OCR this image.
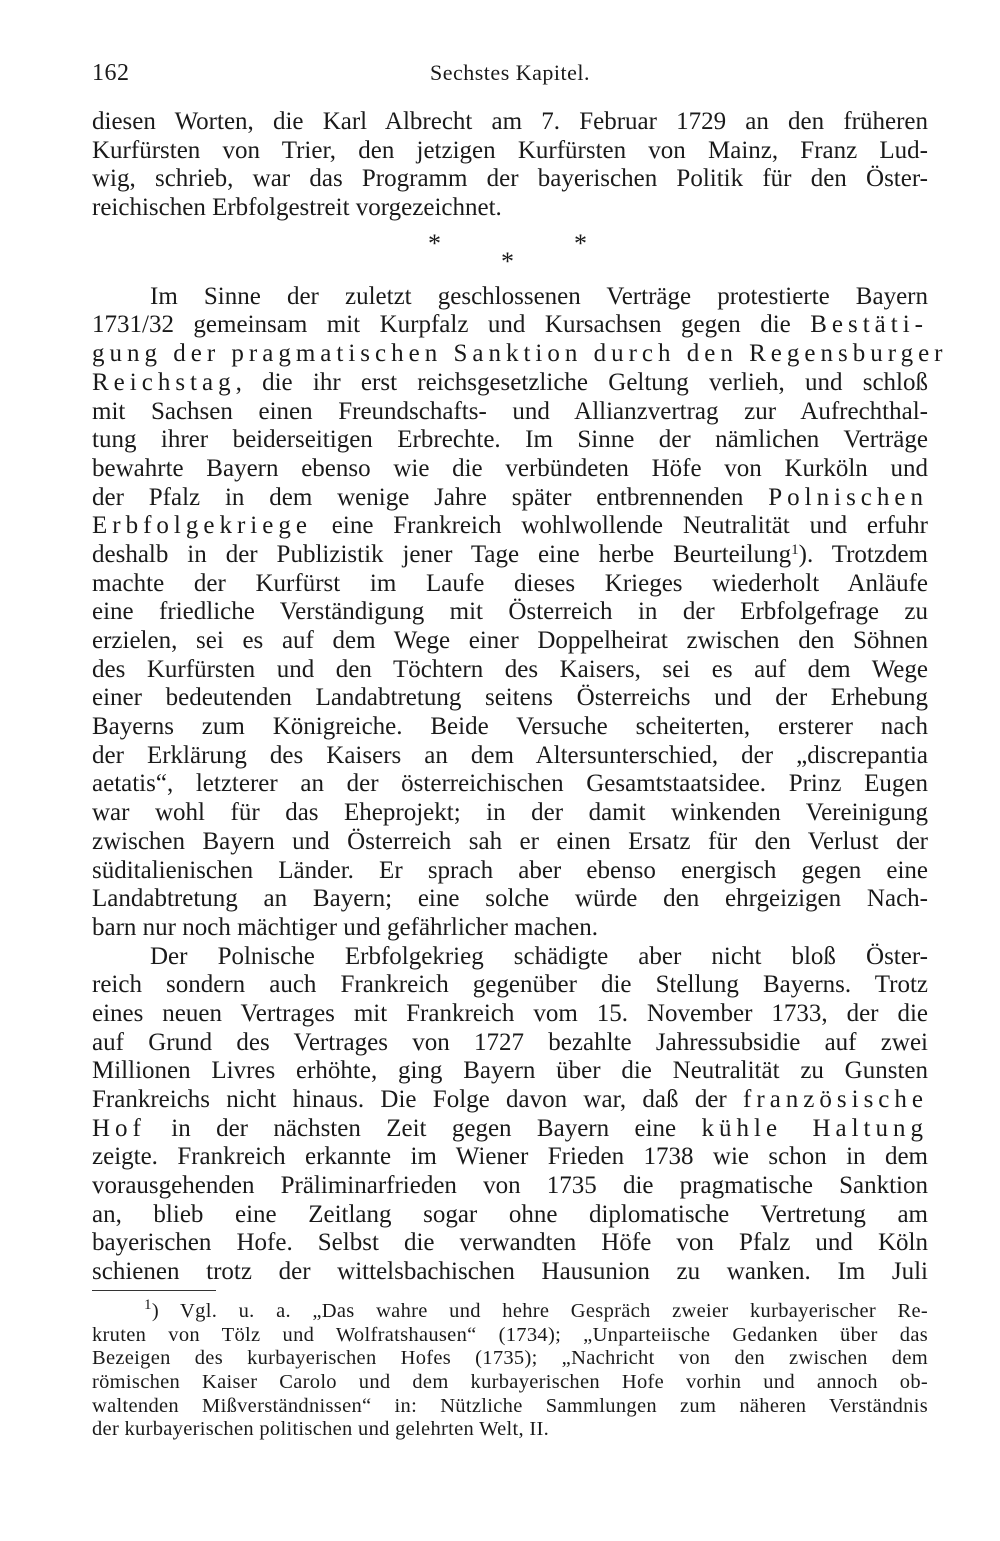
162	Sechstes Kapitel.
diesen Worten, die Karl Albrecht am 7. Februar 1729 an den früheren
Kurfürsten von Trier, den jetzigen Kurfürsten von Mainz, Franz Lud-
wig, schrieb, war das Programm der bayerischen Politik für den Öster-
reichischen Erbfolgestreit vorgezeichnet.
*	*
*
Im Sinne der zuletzt geschlossenen Verträge protestierte Bayern
1731/32 gemeinsam mit Kurpfalz und Kursachsen gegen die Bestäti-
gung der pragmatischen Sanktion durch den Regensburger
Reichstag, die ihr erst reichsgesetzliche Geltung verlieh, und schloß
mit Sachsen einen Freundschafts- und Allianzvertrag zur Aufrechthal-
tung ihrer beiderseitigen Erbrechte. Im Sinne der nämlichen Verträge
bewahrte Bayern ebenso wie die verbündeten Höfe von Kurköln und
der Pfalz in dem wenige Jahre später entbrennenden Polnischen
Erbfolgekriege eine Frankreich wohlwollende Neutralität und erfuhr
deshalb in der Publizistik jener Tage eine herbe Beurteilung$^1$). Trotzdem
machte der Kurfürst im Laufe dieses Krieges wiederholt Anläufe
eine friedliche Verständigung mit Österreich in der Erbfolgefrage zu
erzielen, sei es auf dem Wege einer Doppelheirat zwischen den Söhnen
des Kurfürsten und den Töchtern des Kaisers, sei es auf dem Wege
einer bedeutenden Landabtretung seitens Österreichs und der Erhebung
Bayerns zum Königreiche. Beide Versuche scheiterten, ersterer nach
der Erklärung des Kaisers an dem Altersunterschied, der „discrepantia
aetatis“, letzterer an der österreichischen Gesamtstaatsidee. Prinz Eugen
war wohl für das Eheprojekt; in der damit winkenden Vereinigung
zwischen Bayern und Österreich sah er einen Ersatz für den Verlust der
süditalienischen Länder. Er sprach aber ebenso energisch gegen eine
Landabtretung an Bayern; eine solche würde den ehrgeizigen Nach-
barn nur noch mächtiger und gefährlicher machen.
Der Polnische Erbfolgekrieg schädigte aber nicht bloß Öster-
reich sondern auch Frankreich gegenüber die Stellung Bayerns. Trotz
eines neuen Vertrages mit Frankreich vom 15. November 1733, der die
auf Grund des Vertrages von 1727 bezahlte Jahressubsidie auf zwei
Millionen Livres erhöhte, ging Bayern über die Neutralität zu Gunsten
Frankreichs nicht hinaus. Die Folge davon war, daß der französische
Hof in der nächsten Zeit gegen Bayern eine kühle Haltung
zeigte. Frankreich erkannte im Wiener Frieden 1738 wie schon in dem
vorausgehenden Präliminarfrieden von 1735 die pragmatische Sanktion
an, blieb eine Zeitlang sogar ohne diplomatische Vertretung am
bayerischen Hofe. Selbst die verwandten Höfe von Pfalz und Köln
schienen trotz der wittelsbachischen Hausunion zu wanken. Im Juli
$^1$) Vgl. u. a. „Das wahre und hehre Gespräch zweier kurbayerischer Re-
kruten von Tölz und Wolfratshausen“ (1734); „Unparteiische Gedanken über das
Bezeigen des kurbayerischen Hofes (1735); „Nachricht von den zwischen dem
römischen Kaiser Carolo und dem kurbayerischen Hofe vorhin und annoch ob-
waltenden Mißverständnissen“ in: Nützliche Sammlungen zum näheren Verständnis
der kurbayerischen politischen und gelehrten Welt, II.
